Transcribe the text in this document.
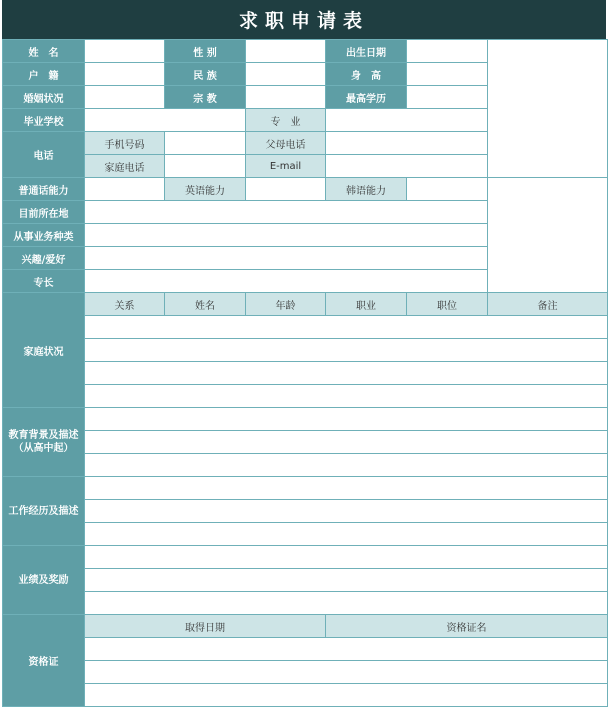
求职申请表
姓　名		性 别		出生日期		
户　籍		民 族		身　高		
婚姻状况		宗 教		最高学历		
毕业学校			专　业			
电话	手机号码		父母电话			
	家庭电话		E-mail			
普通话能力		英语能力		韩语能力		
目前所在地						
从事业务种类						
兴趣/爱好						
专长						
家庭状况	关系	姓名	年龄	职业	职位	备注

教育背景及描述（从高中起）						

工作经历及描述						

业绩及奖励						

资格证	取得日期			资格证名		
